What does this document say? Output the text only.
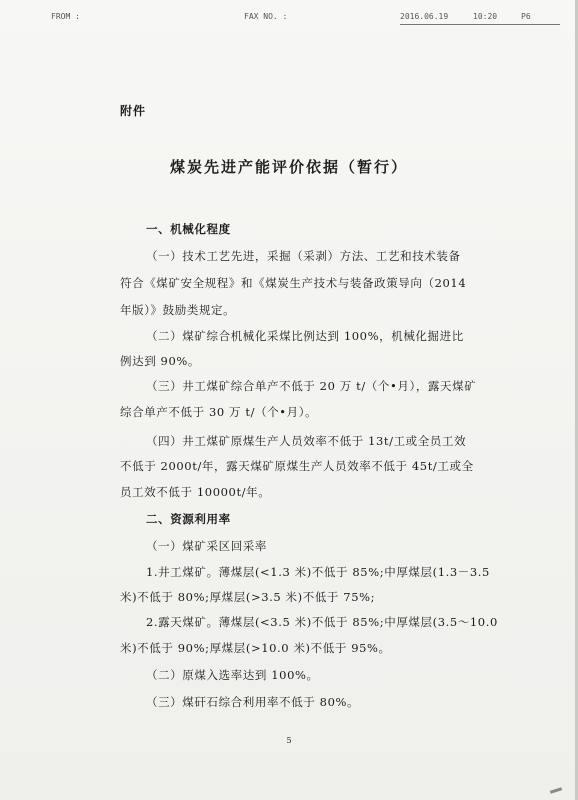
FROM :	FAX NO. :	2016.06.19	10:20	P6
附件
煤炭先进产能评价依据（暂行）
一、机械化程度
（一）技术工艺先进，采掘（采剥）方法、工艺和技术装备
符合《煤矿安全规程》和《煤炭生产技术与装备政策导向（2014
年版）》鼓励类规定。
（二）煤矿综合机械化采煤比例达到 100%，机械化掘进比
例达到 90%。
（三）井工煤矿综合单产不低于 20 万 t/（个•月），露天煤矿
综合单产不低于 30 万 t/（个•月）。
（四）井工煤矿原煤生产人员效率不低于 13t/工或全员工效
不低于 2000t/年，露天煤矿原煤生产人员效率不低于 45t/工或全
员工效不低于 10000t/年。
二、资源利用率
（一）煤矿采区回采率
1.井工煤矿。薄煤层(<1.3 米)不低于 85%;中厚煤层(1.3－3.5
米)不低于 80%;厚煤层(>3.5 米)不低于 75%;
2.露天煤矿。薄煤层(<3.5 米)不低于 85%;中厚煤层(3.5～10.0
米)不低于 90%;厚煤层(>10.0 米)不低于 95%。
（二）原煤入选率达到 100%。
（三）煤矸石综合利用率不低于 80%。
5
